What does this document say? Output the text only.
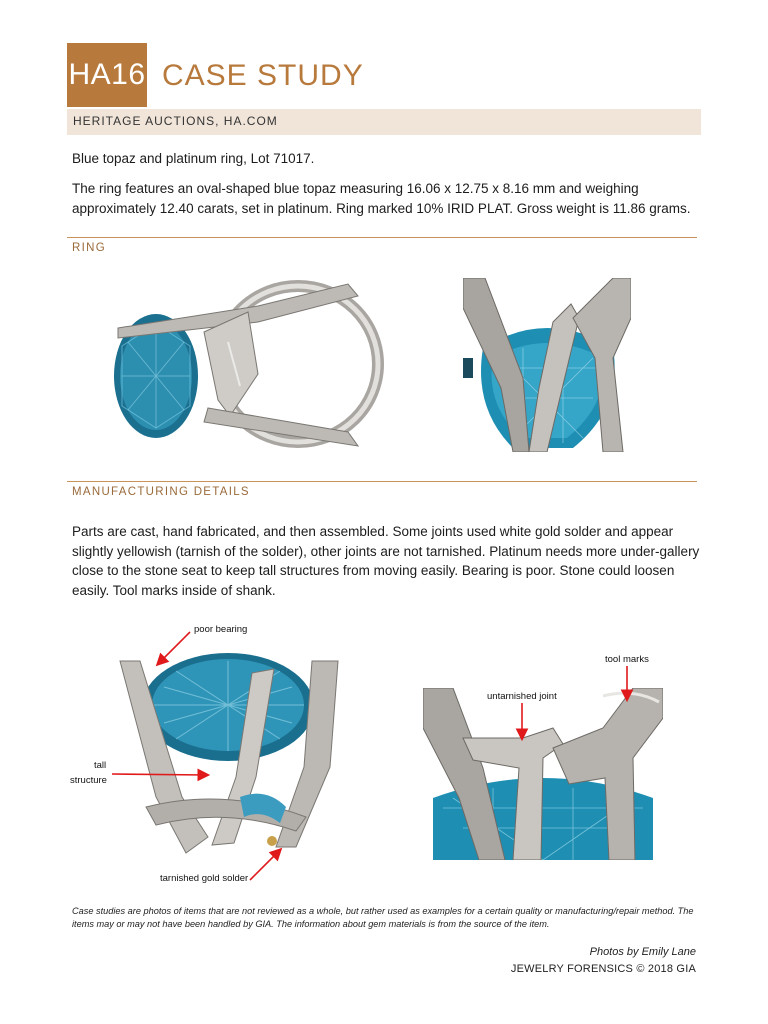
HA16 CASE STUDY
HERITAGE AUCTIONS, HA.COM
Blue topaz and platinum ring, Lot 71017.
The ring features an oval-shaped blue topaz measuring 16.06 x 12.75 x 8.16 mm and weighing approximately 12.40 carats, set in platinum. Ring marked 10% IRID PLAT. Gross weight is 11.86 grams.
RING
MANUFACTURING DETAILS
Parts are cast, hand fabricated, and then assembled. Some joints used white gold solder and appear slightly yellowish (tarnish of the solder), other joints are not tarnished. Platinum needs more under-gallery close to the stone seat to keep tall structures from moving easily. Bearing is poor. Stone could loosen easily. Tool marks inside of shank.
poor bearing
tall
structure
tarnished gold solder
tool marks
untarnished joint
Case studies are photos of items that are not reviewed as a whole, but rather used as examples for a certain quality or manufacturing/repair method. The items may or may not have been handled by GIA. The information about gem materials is from the source of the item.
Photos by Emily Lane
JEWELRY FORENSICS © 2018 GIA
